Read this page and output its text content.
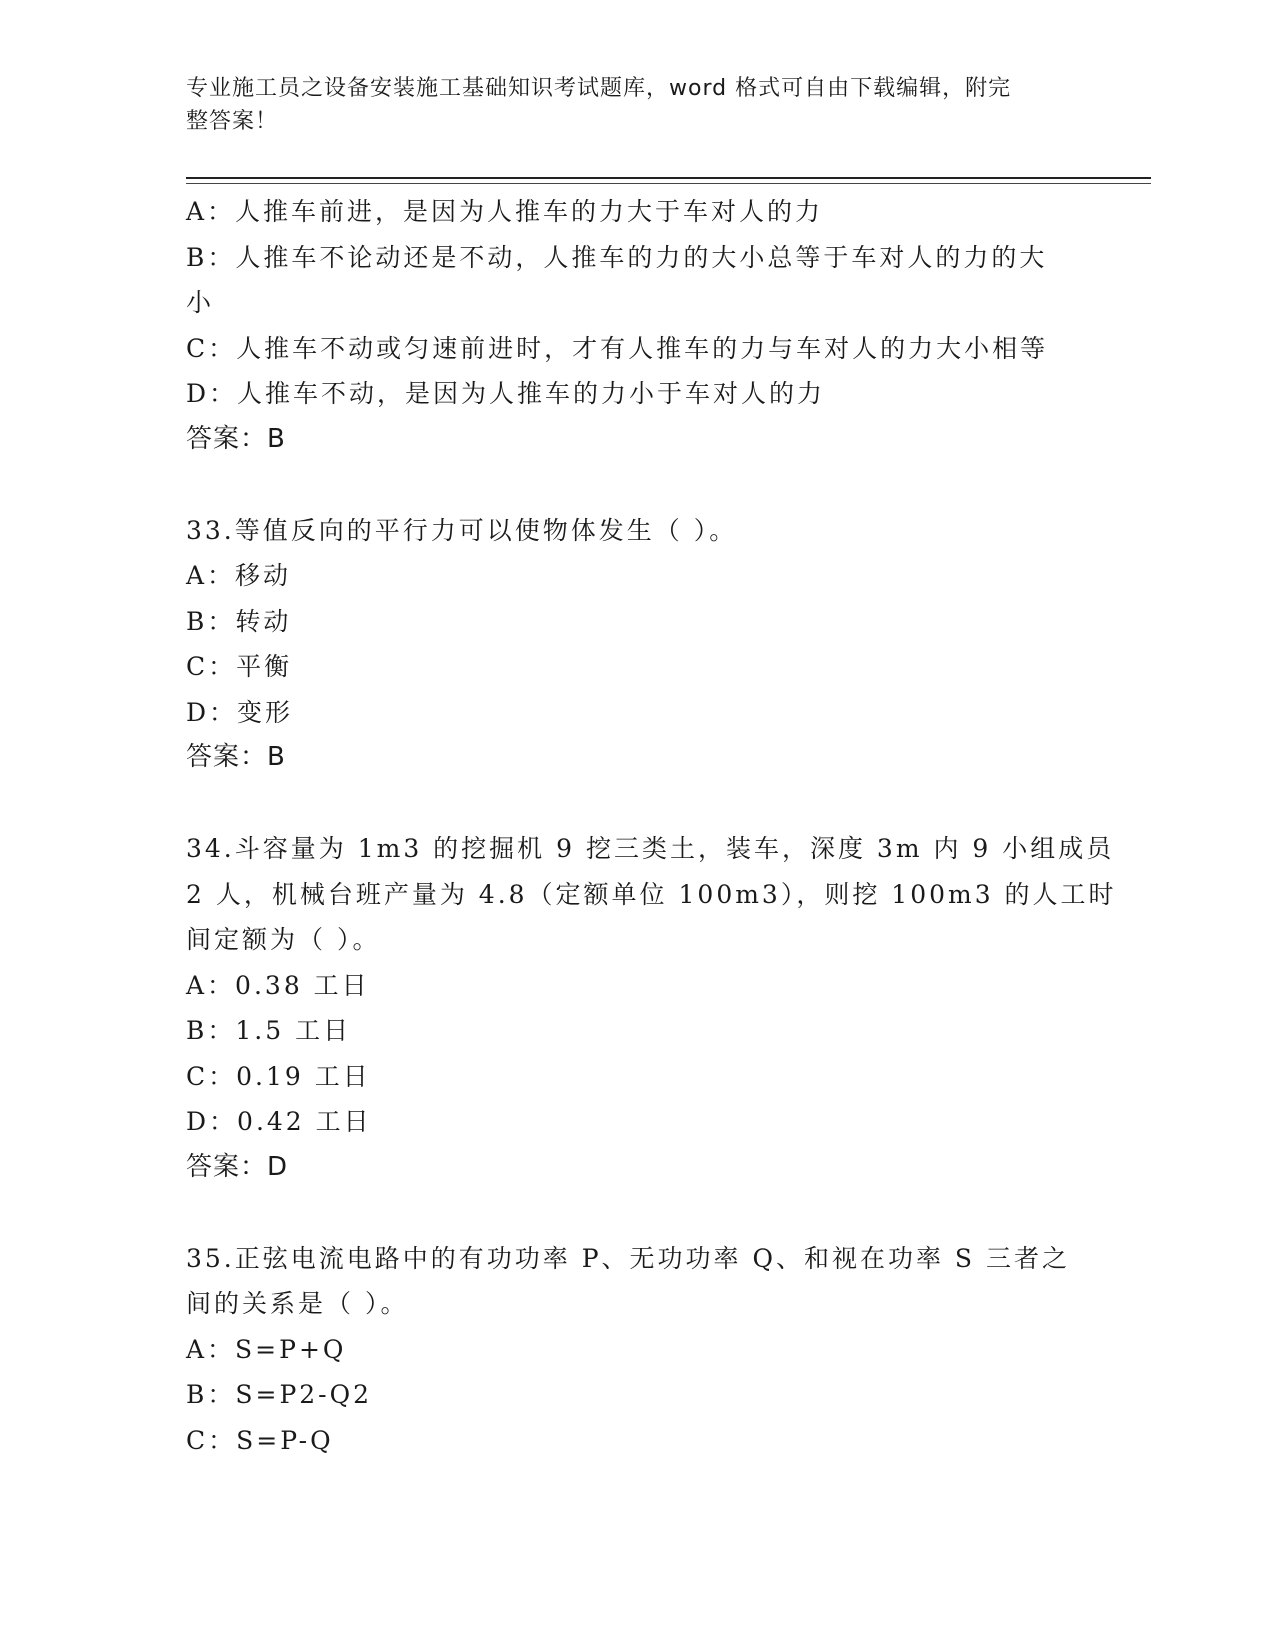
专业施工员之设备安装施工基础知识考试题库，word 格式可自由下载编辑，附完
整答案！
A：人推车前进，是因为人推车的力大于车对人的力
B：人推车不论动还是不动，人推车的力的大小总等于车对人的力的大
小
C：人推车不动或匀速前进时，才有人推车的力与车对人的力大小相等
D：人推车不动，是因为人推车的力小于车对人的力
答案：B
33.等值反向的平行力可以使物体发生（ ）。
A：移动
B：转动
C：平衡
D：变形
答案：B
34.斗容量为 1m3 的挖掘机 9 挖三类土，装车，深度 3m 内 9 小组成员
2 人，机械台班产量为 4.8（定额单位 100m3），则挖 100m3 的人工时
间定额为（ ）。
A：0.38 工日
B：1.5 工日
C：0.19 工日
D：0.42 工日
答案：D
35.正弦电流电路中的有功功率 P、无功功率 Q、和视在功率 S 三者之
间的关系是（ ）。
A：S=P+Q
B：S=P2-Q2
C：S=P-Q
